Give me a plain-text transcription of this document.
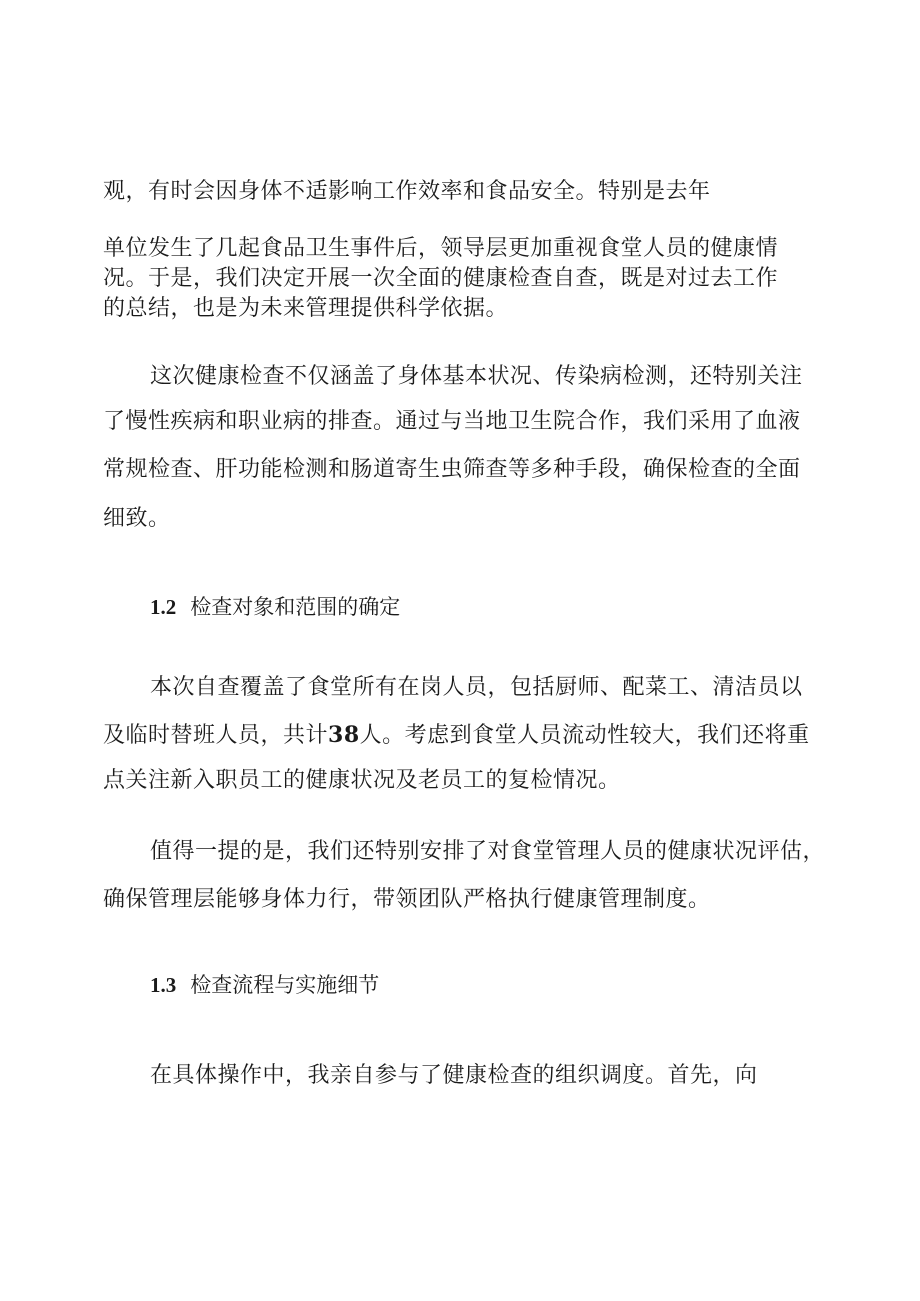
观，有时会因身体不适影响工作效率和食品安全。特别是去年
单位发生了几起食品卫生事件后，领导层更加重视食堂人员的健康情
况。于是，我们决定开展一次全面的健康检查自查，既是对过去工作
的总结，也是为未来管理提供科学依据。
这次健康检查不仅涵盖了身体基本状况、传染病检测，还特别关注
了慢性疾病和职业病的排查。通过与当地卫生院合作，我们采用了血液
常规检查、肝功能检测和肠道寄生虫筛查等多种手段，确保检查的全面
细致。
1.2 检查对象和范围的确定
本次自查覆盖了食堂所有在岗人员，包括厨师、配菜工、清洁员以
及临时替班人员，共计38人。考虑到食堂人员流动性较大，我们还将重
点关注新入职员工的健康状况及老员工的复检情况。
值得一提的是，我们还特别安排了对食堂管理人员的健康状况评估，
确保管理层能够身体力行，带领团队严格执行健康管理制度。
1.3 检查流程与实施细节
在具体操作中，我亲自参与了健康检查的组织调度。首先，向
